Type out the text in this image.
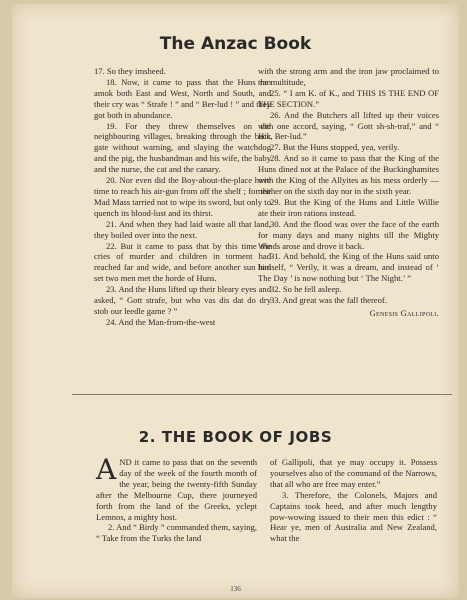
The Anzac Book

17. So they imsheed.

18. Now, it came to pass that the Huns ran amok both East and West, North and South, and their cry was “ Strafe ! ” and “ Ber-lud ! ” and they got both in abundance.

19. For they threw themselves on the neighbouring villages, breaking through the back gate without warning, and slaying the watchdog and the pig, the husbandman and his wife, the baby and the nurse, the cat and the canary.

20. Nor even did the Boy-about-the-place have time to reach his air-gun from off the shelf ; for the Mad Mass tarried not to wipe its sword, but only to quench its blood-lust and its thirst.

21. And when they had laid waste all that land, they boiled over into the next.

22. But it came to pass that by this time the cries of murder and children in torment had reached far and wide, and before another sun had set two men met the horde of Huns.

23. And the Huns lifted up their bleary eyes and asked, “ Gott strafe, but who vas dis dat do dry stob our leedle game ? ”

24. And the Man-from-the-west

with the strong arm and the iron jaw proclaimed to the multitude,

25. “ I am K. of K., and THIS IS THE END OF THE SECTION.”

26. And the Butchers all lifted up their voices with one accord, saying, “ Gott sh-sh-traf,” and “ Hic, Ber-lud.”

27. But the Huns stopped, yea, verily.

28. And so it came to pass that the King of the Huns dined not at the Palace of the Buckinghamites with the King of the Allyites as his mess orderly —neither on the sixth day nor in the sixth year.

29. But the King of the Huns and Little Willie ate their iron rations instead.

30. And the flood was over the face of the earth for many days and many nights till the Mighty Winds arose and drove it back.

31. And behold, the King of the Huns said unto himself, “ Verily, it was a dream, and instead of ‘ The Day ’ is now nothing but ‘ The Night.’ ”

32. So he fell asleep.

33. And great was the fall thereof.

Genesis Gallipoli.
2. THE BOOK OF JOBS

AND it came to pass that on the seventh day of the week of the fourth month of the year, being the twenty-fifth Sunday after the Melbourne Cup, there journeyed forth from the land of the Greeks, yclept Lemnos, a mighty host.

2. And “ Birdy ” commanded them, saying, “ Take from the Turks the land

of Gallipoli, that ye may occupy it. Possess yourselves also of the command of the Narrows, that all who are free may enter.”

3. Therefore, the Colonels, Majors and Captains took heed, and after much lengthy pow-wowing issued to their men this edict : “ Hear ye, men of Australia and New Zealand, what the

136
